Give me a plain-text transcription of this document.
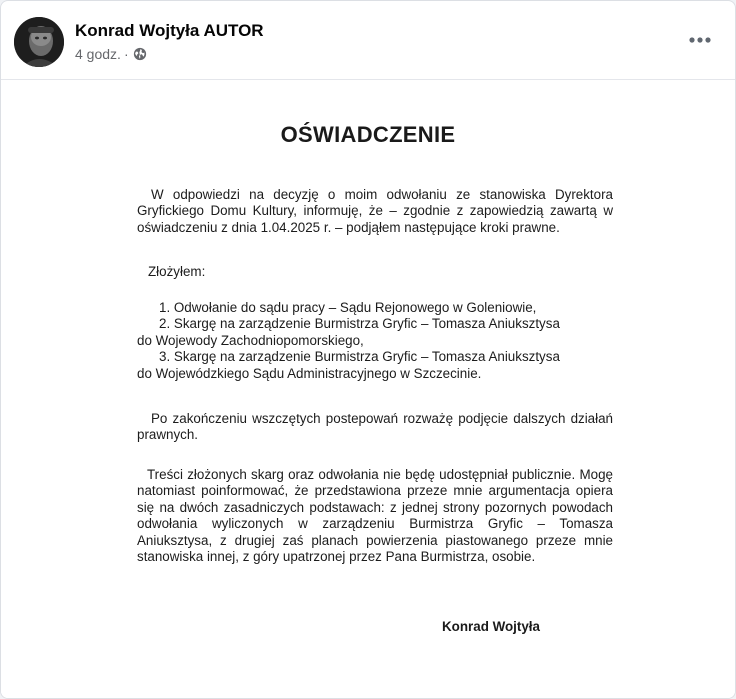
Konrad Wojtyła AUTOR
4 godz. ·
OŚWIADCZENIE
W odpowiedzi na decyzję o moim odwołaniu ze stanowiska Dyrektora Gryfickiego Domu Kultury, informuję, że – zgodnie z zapowiedzią zawartą w oświadczeniu z dnia 1.04.2025 r. – podjąłem następujące kroki prawne.
Złożyłem:
1. Odwołanie do sądu pracy – Sądu Rejonowego w Goleniowie,
2. Skargę na zarządzenie Burmistrza Gryfic – Tomasza Aniuksztysa
do Wojewody Zachodniopomorskiego,
3. Skargę na zarządzenie Burmistrza Gryfic – Tomasza Aniuksztysa
do Wojewódzkiego Sądu Administracyjnego w Szczecinie.
Po zakończeniu wszczętych postepowań rozważę podjęcie dalszych działań prawnych.
Treści złożonych skarg oraz odwołania nie będę udostępniał publicznie. Mogę natomiast poinformować, że przedstawiona przeze mnie argumentacja opiera się na dwóch zasadniczych podstawach: z jednej strony pozornych powodach odwołania wyliczonych w zarządzeniu Burmistrza Gryfic – Tomasza Aniuksztysa, z drugiej zaś planach powierzenia piastowanego przeze mnie stanowiska innej, z góry upatrzonej przez Pana Burmistrza, osobie.
Konrad Wojtyła
